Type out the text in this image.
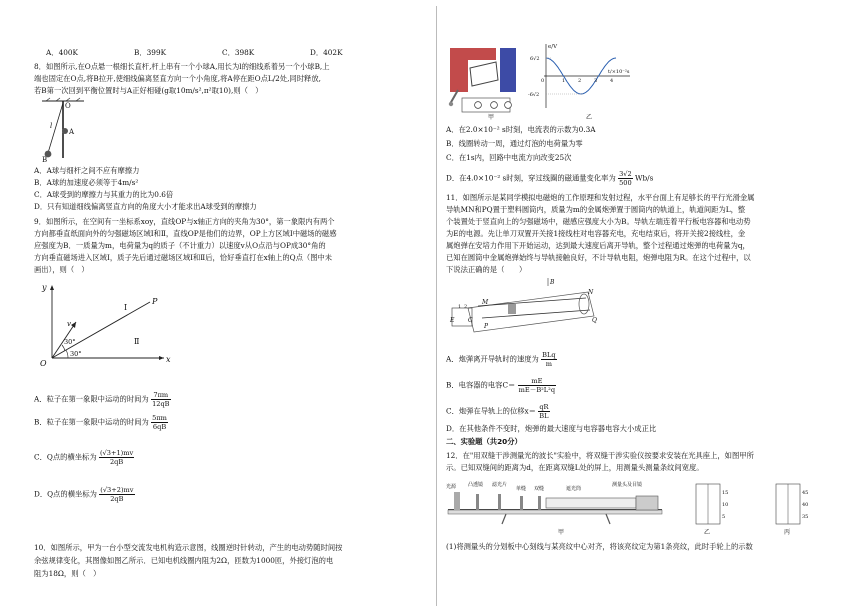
A．400K	B．399K	C．398K	D．402K
8．如图所示,在O点悬一根细长直杆,杆上串有一个小球A,用长为l的细线系着另一个小球B,上
端也固定在O点,将B拉开,使细线偏离竖直方向一个小角度,将A停在距O点L/2处,同时释放,
若B第一次回到平衡位置时与A正好相碰(g取10m/s²,π²取10),则（　）
O
A
B
l
A．A球与细杆之间不应有摩擦力
B．A球的加速度必须等于4m/s²
C．A球受到的摩擦力与其重力的比为0.6倍
D．只有知道细线偏离竖直方向的角度大小才能求出A球受到的摩擦力
9．如图所示，在空间有一坐标系xoy，直线OP与x轴正方向的夹角为30°，第一象限内有两个
方向都垂直纸面向外的匀强磁场区域Ⅰ和Ⅱ，直线OP是他们的边界，OP上方区域Ⅰ中磁场的磁感
应强度为B．一质量为m，电荷量为q的质子（不计重力）以速度v从O点沿与OP成30°角的
方向垂直磁场进入区域Ⅰ，质子先后通过磁场区域Ⅰ和Ⅱ后，恰好垂直打在x轴上的Q点（图中未
画出），则（　）
y
x
O
P
Ⅰ
Ⅱ
v
30°
30°
A．粒子在第一象限中运动的时间为 $\frac{7\pi m}{12qB}$
B．粒子在第一象限中运动的时间为 $\frac{5\pi m}{6qB}$
C．Q点的横坐标为 $\frac{(√3+1)mv}{2qB}$
D．Q点的横坐标为 $\frac{(√3+2)mv}{2qB}$
10．如图所示，甲为一台小型交流发电机构造示意图，线圈逆时针转动，产生的电动势随时间按
余弦规律变化，其图像如图乙所示．已知电机线圈内阻为2Ω，匝数为1000匝，外接灯泡的电
阻为18Ω，则（　）
甲
e/V
t/×10⁻²s
6√2
-6√2
0	1	2	3	4
乙
A．在2.0×10⁻² s时刻，电流表的示数为0.3A
B．线圈转动一周，通过灯泡的电荷量为零
C．在1s内，回路中电流方向改变25次
D．在4.0×10⁻² s时刻，穿过线圈的磁通量变化率为 $\frac{3√2}{500} Wb/s$
11．如图所示是某同学模拟电磁炮的工作原理和发射过程，水平台面上有足够长的平行光滑金属
导轨MN和PQ置于塑料圆筒内，质量为m的金属炮弹置于圆筒内的轨道上，轨道间距为L，整
个装置处于竖直向上的匀强磁场中，磁感应强度大小为B。导轨左端连着平行板电容器和电动势
为E的电源。先让单刀双置开关接1接线柱对电容器充电，充电结束后，将开关接2接线柱，金
属炮弹在安培力作用下开始运动，达到最大速度后离开导轨，整个过程通过炮弹的电荷量为q，
已知在圆筒中金属炮弹始终与导轨接触良好，不计导轨电阻，炮弹电阻为R。在这个过程中，以
下说法正确的是（　　）
B
M
N
P
Q
E C
1 2
A．炮弹离开导轨时的速度为 $\frac{\text{BLq}}{m}$
B．电容器的电容$C= \frac{mE}{\text{mE－B²L²q}}$
C．炮弹在导轨上的位移$x= \frac{qR}{BL}$
D．在其他条件不变时，炮弹的最大速度与电容器电容大小成正比
二、实验题（共20分）
12．在"用双缝干涉测量光的波长"实验中，将双缝干涉实验仪按要求安装在光具座上，如图甲所
示。已知双缝间的距离为d，在距离双缝L处的屏上，用测量头测量条纹间宽度。
光源 凸透镜 滤光片
单缝 双缝	遮光筒
测量头及目镜
甲
15
10
5
乙
45
40
35
丙
(1)将测量头的分划板中心刻线与某亮纹中心对齐，将该亮纹定为第1条亮纹，此时手轮上的示数
